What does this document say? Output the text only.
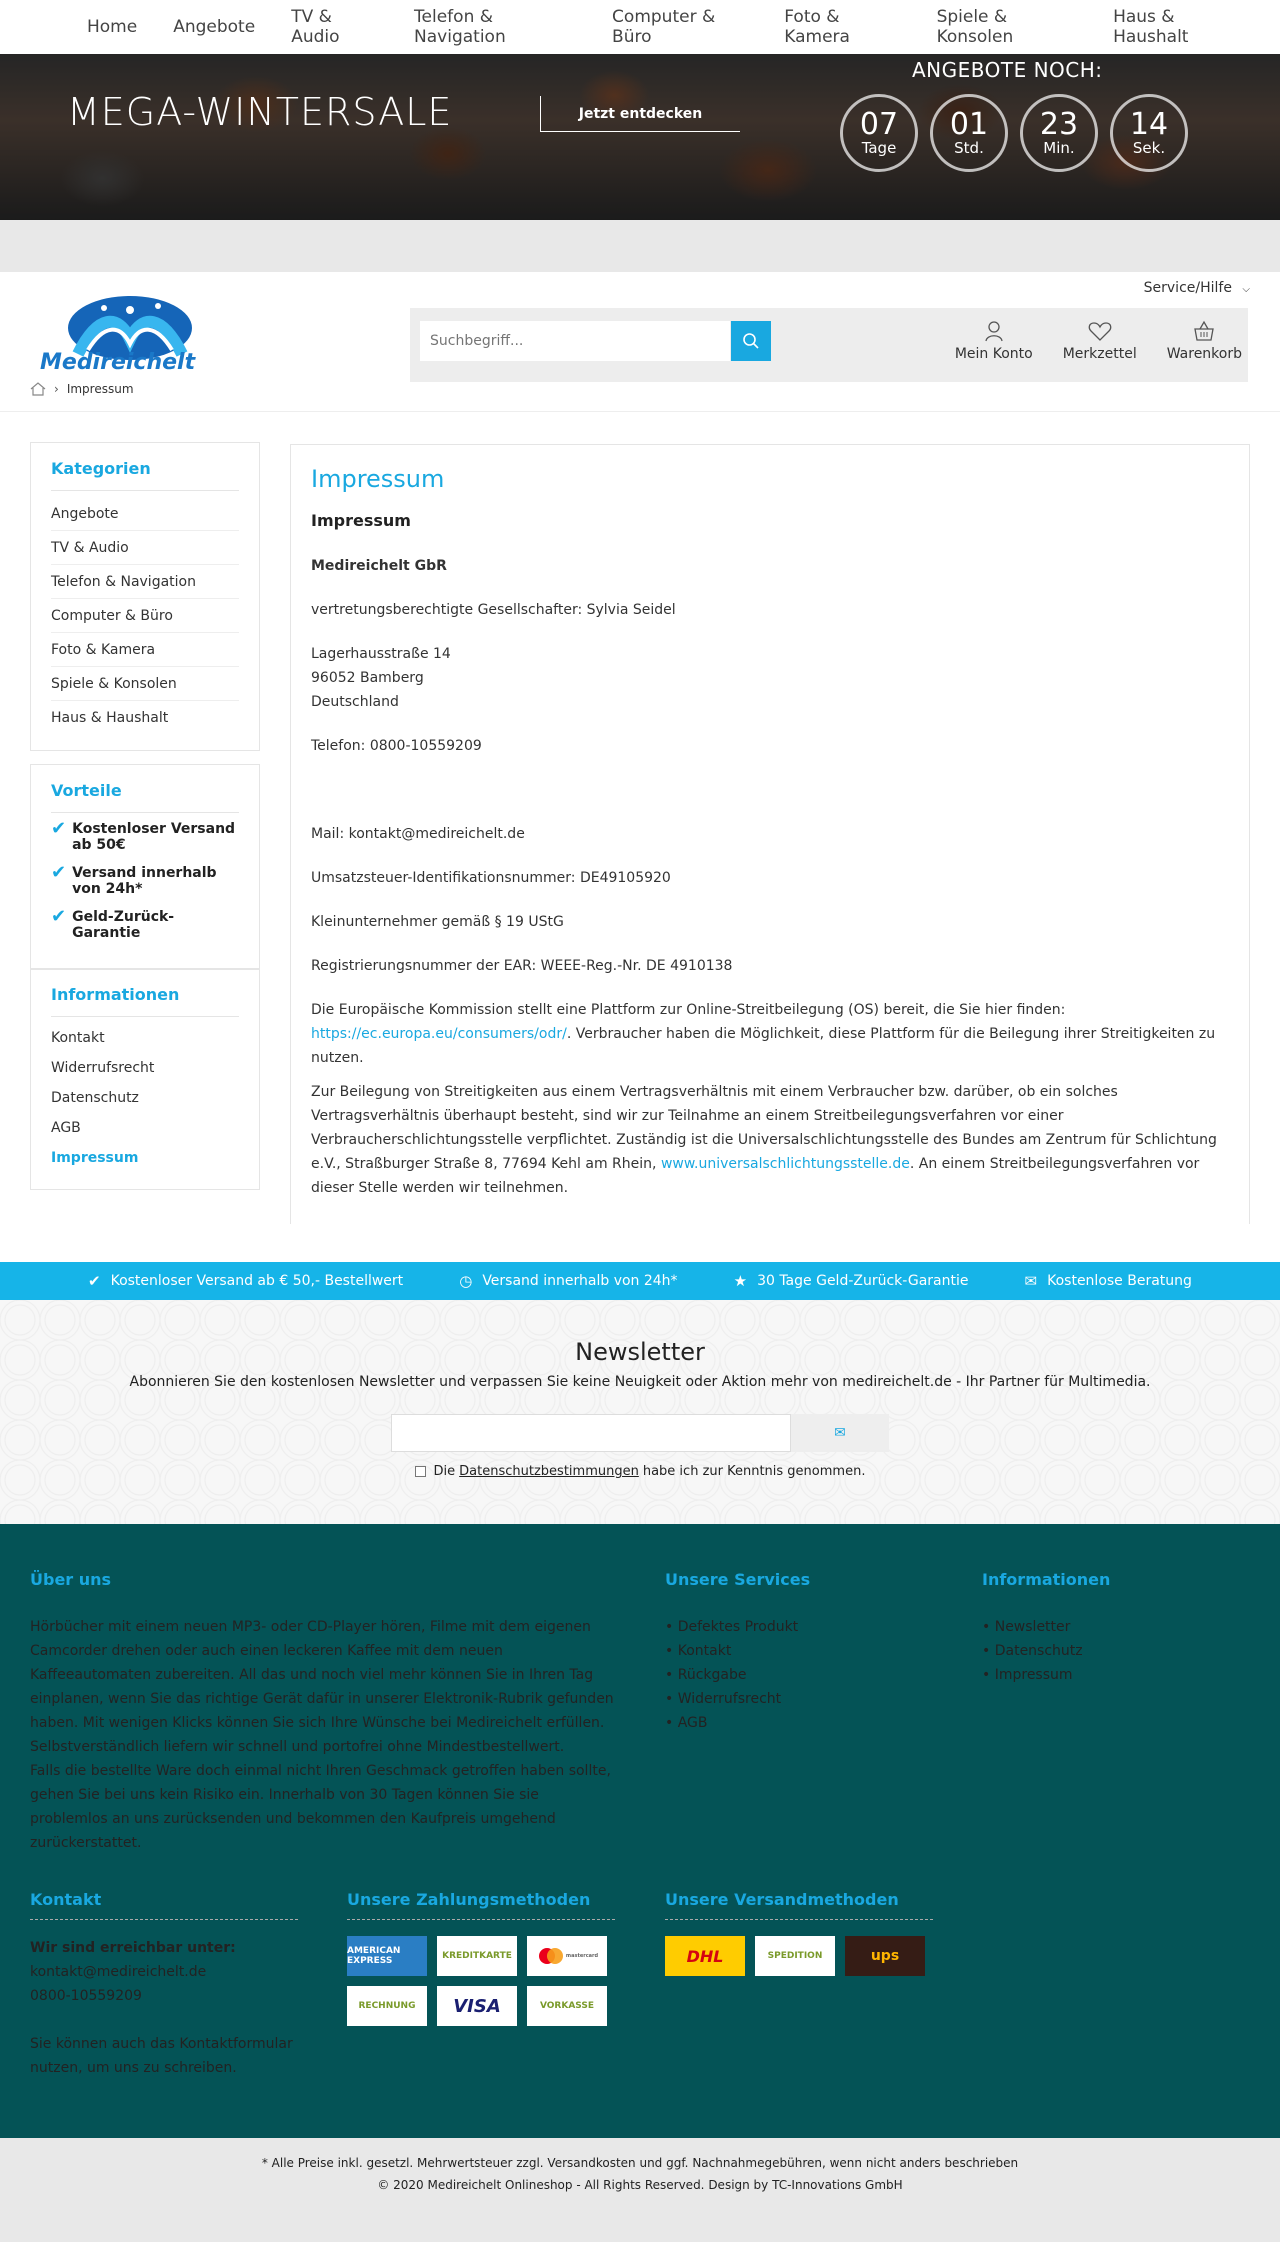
Home Angebote TV & Audio
Telefon & Navigation
Computer & Büro
Foto & Kamera
Spiele & Konsolen
Haus & Haushalt
MEGA-WINTERSALE	Jetzt entdecken
ANGEBOTE NOCH:
07
Tage
01
Std.
23
Min.
14
Sek.
Service/Hilfe ⌵
Medireichelt
Suchbegriff...	Mein Konto Merkzettel Warenkorb
› Impressum
Kategorien
Angebote
TV & Audio
Telefon & Navigation
Computer & Büro
Foto & Kamera
Spiele & Konsolen
Haus & Haushalt
Vorteile
✔ Kostenloser Versand ab 50€
✔ Versand innerhalb von 24h*
✔ Geld-Zurück-Garantie
Informationen
Kontakt
Widerrufsrecht
Datenschutz
AGB
Impressum
Impressum
Impressum

Medireichelt GbR

vertretungsberechtigte Gesellschafter: Sylvia Seidel

Lagerhausstraße 14
96052 Bamberg
Deutschland

Telefon: 0800-10559209

Mail: kontakt@medireichelt.de

Umsatzsteuer-Identifikationsnummer: DE49105920

Kleinunternehmer gemäß § 19 UStG

Registrierungsnummer der EAR: WEEE-Reg.-Nr. DE 4910138

Die Europäische Kommission stellt eine Plattform zur Online-Streitbeilegung (OS) bereit, die Sie hier finden: https://ec.europa.eu/consumers/odr/. Verbraucher haben die Möglichkeit, diese Plattform für die Beilegung ihrer Streitigkeiten zu nutzen.

Zur Beilegung von Streitigkeiten aus einem Vertragsverhältnis mit einem Verbraucher bzw. darüber, ob ein solches Vertragsverhältnis überhaupt besteht, sind wir zur Teilnahme an einem Streitbeilegungsverfahren vor einer Verbraucherschlichtungsstelle verpflichtet. Zuständig ist die Universalschlichtungsstelle des Bundes am Zentrum für Schlichtung e.V., Straßburger Straße 8, 77694 Kehl am Rhein, www.universalschlichtungsstelle.de. An einem Streitbeilegungsverfahren vor dieser Stelle werden wir teilnehmen.

✔ Kostenloser Versand ab € 50,- Bestellwert	◷ Versand innerhalb von 24h*	★ 30 Tage Geld-Zurück-Garantie	✉ Kostenlose Beratung
Newsletter

Abonnieren Sie den kostenlosen Newsletter und verpassen Sie keine Neuigkeit oder Aktion mehr von medireichelt.de - Ihr Partner für Multimedia.

✉
Die Datenschutzbestimmungen habe ich zur Kenntnis genommen.
Über uns
Hörbücher mit einem neuen MP3- oder CD-Player hören, Filme mit dem eigenen Camcorder drehen oder auch einen leckeren Kaffee mit dem neuen Kaffeeautomaten zubereiten. All das und noch viel mehr können Sie in Ihren Tag einplanen, wenn Sie das richtige Gerät dafür in unserer Elektronik-Rubrik gefunden haben. Mit wenigen Klicks können Sie sich Ihre Wünsche bei Medireichelt erfüllen. Selbstverständlich liefern wir schnell und portofrei ohne Mindestbestellwert.
Falls die bestellte Ware doch einmal nicht Ihren Geschmack getroffen haben sollte, gehen Sie bei uns kein Risiko ein. Innerhalb von 30 Tagen können Sie sie problemlos an uns zurücksenden und bekommen den Kaufpreis umgehend zurückerstattet.
Unsere Services
• Defektes Produkt
• Kontakt
• Rückgabe
• Widerrufsrecht
• AGB
Informationen
• Newsletter
• Datenschutz
• Impressum
Kontakt
Wir sind erreichbar unter:
kontakt@medireichelt.de
0800-10559209
Sie können auch das Kontaktformular nutzen, um uns zu schreiben.
Unsere Zahlungsmethoden
AMERICAN EXPRESS	KREDITKARTE	mastercard
RECHNUNG	VISA	VORKASSE
Unsere Versandmethoden
DHL	SPEDITION	ups
* Alle Preise inkl. gesetzl. Mehrwertsteuer zzgl. Versandkosten und ggf. Nachnahmegebühren, wenn nicht anders beschrieben
© 2020 Medireichelt Onlineshop - All Rights Reserved. Design by TC-Innovations GmbH
